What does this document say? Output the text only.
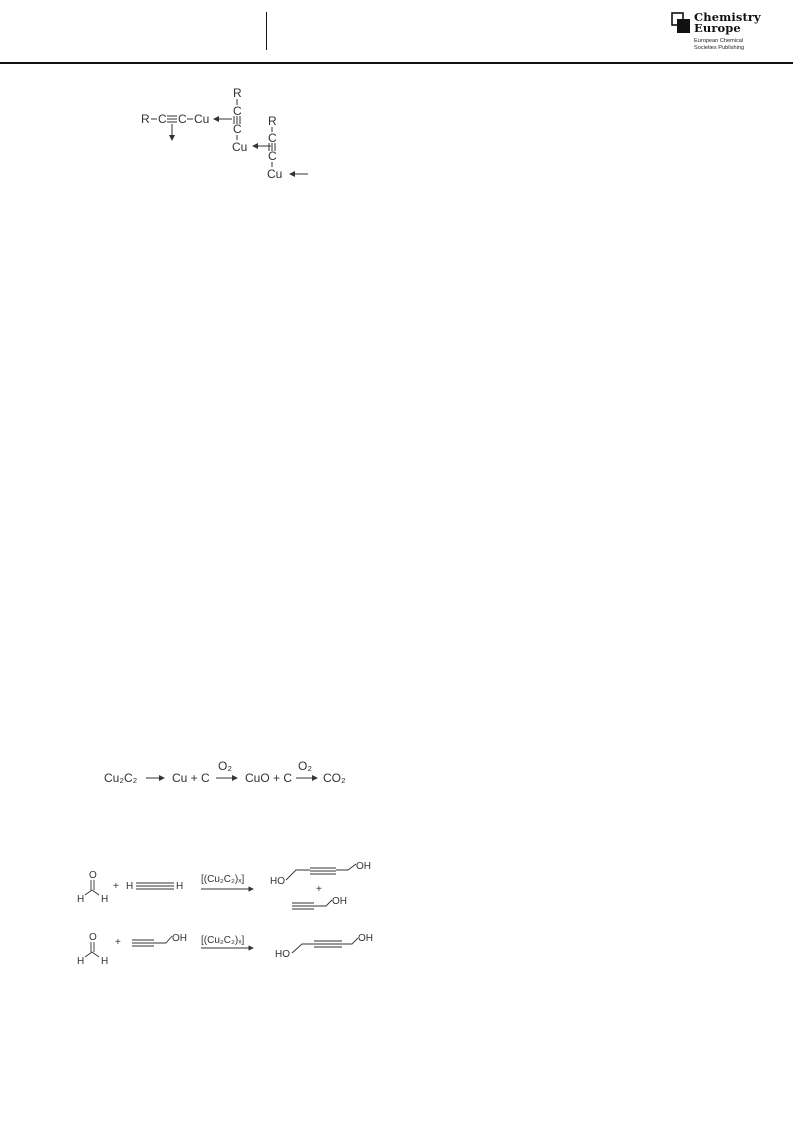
Chemistry
Europe
European Chemical
Societies Publishing
R C C Cu
R
C
C
Cu
R
C
C
Cu
Cu₂C₂	Cu + C
O₂
CuO + C
O₂
CO₂
O
H H
+ H	H
[(Cu₂C₂)ₓ]	HO
OH
+
OH
O
H H
+	OH [(Cu₂C₂)ₓ]
HO
OH
